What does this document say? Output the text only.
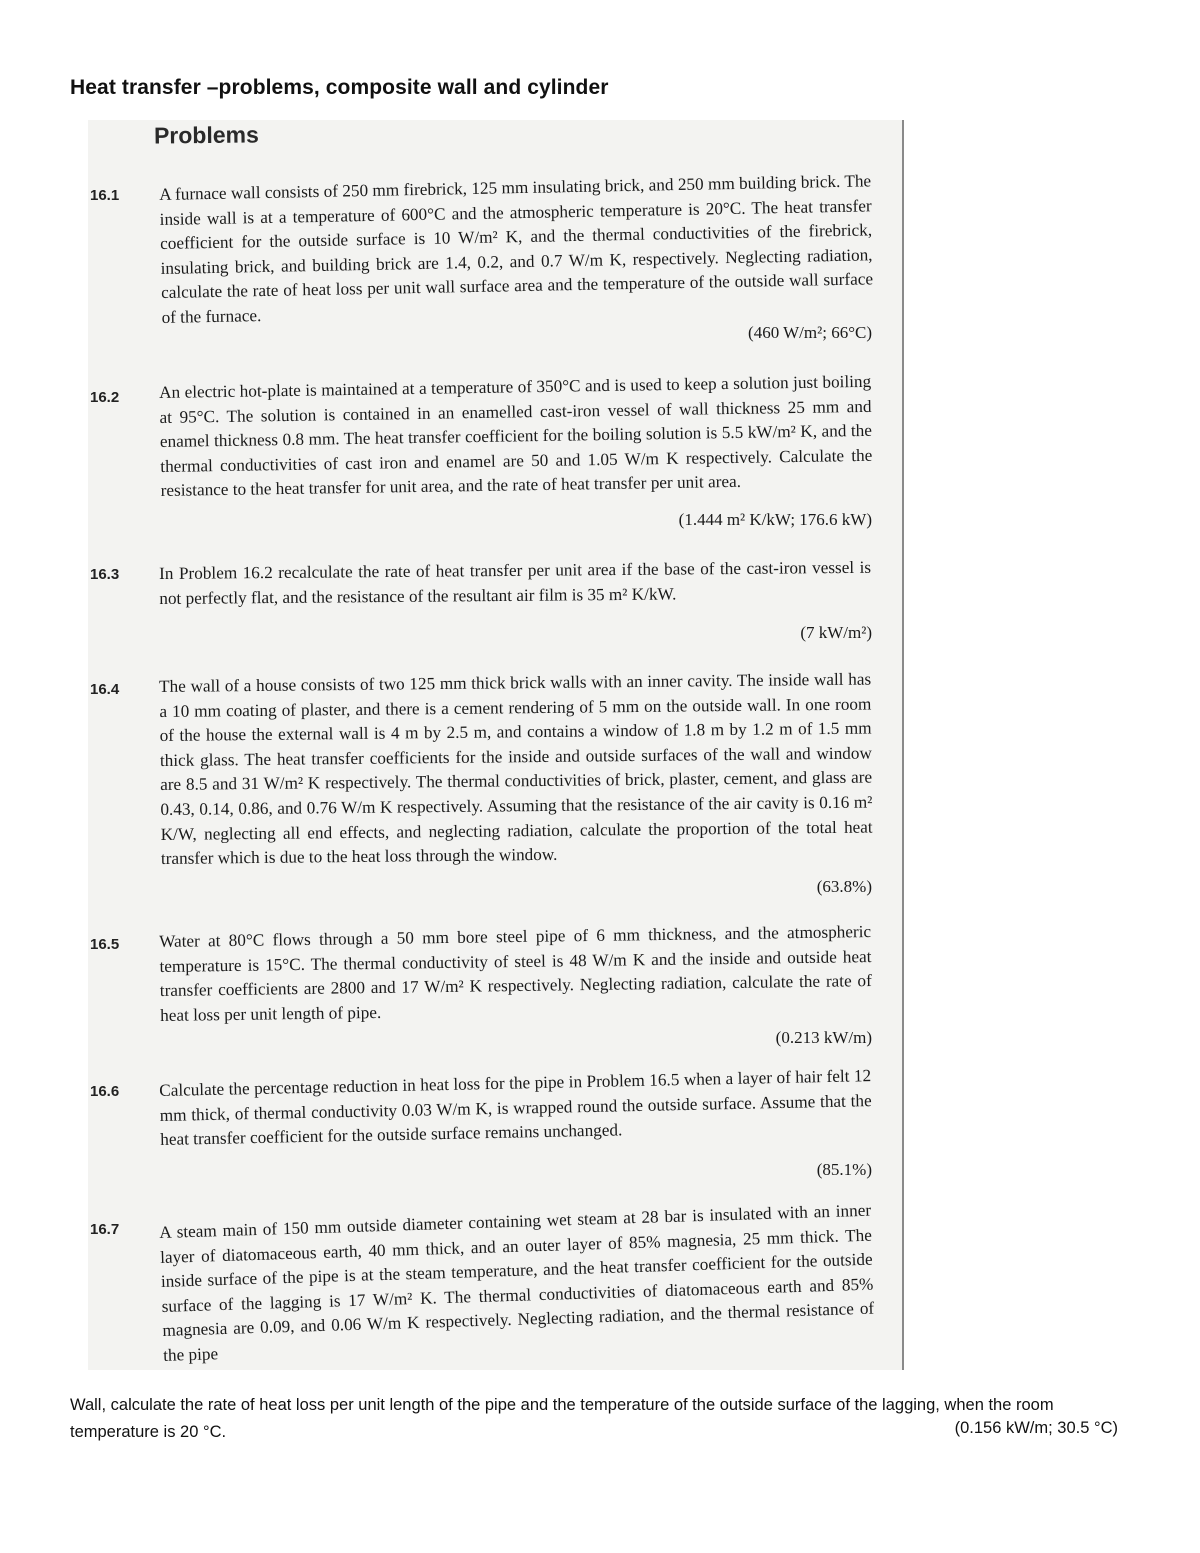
Heat transfer –problems, composite wall and cylinder
Problems
16.1 A furnace wall consists of 250 mm firebrick, 125 mm insulating brick, and 250 mm building brick. The inside wall is at a temperature of 600°C and the atmospheric temperature is 20°C. The heat transfer coefficient for the outside surface is 10 W/m² K, and the thermal conductivities of the firebrick, insulating brick, and building brick are 1.4, 0.2, and 0.7 W/m K, respectively. Neglecting radiation, calculate the rate of heat loss per unit wall surface area and the temperature of the outside wall surface of the furnace.
(460 W/m²; 66°C)
16.2 An electric hot-plate is maintained at a temperature of 350°C and is used to keep a solution just boiling at 95°C. The solution is contained in an enamelled cast-iron vessel of wall thickness 25 mm and enamel thickness 0.8 mm. The heat transfer coefficient for the boiling solution is 5.5 kW/m² K, and the thermal conductivities of cast iron and enamel are 50 and 1.05 W/m K respectively. Calculate the resistance to the heat transfer for unit area, and the rate of heat transfer per unit area.
(1.444 m² K/kW; 176.6 kW)
16.3 In Problem 16.2 recalculate the rate of heat transfer per unit area if the base of the cast-iron vessel is not perfectly flat, and the resistance of the resultant air film is 35 m² K/kW.
(7 kW/m²)
16.4 The wall of a house consists of two 125 mm thick brick walls with an inner cavity. The inside wall has a 10 mm coating of plaster, and there is a cement rendering of 5 mm on the outside wall. In one room of the house the external wall is 4 m by 2.5 m, and contains a window of 1.8 m by 1.2 m of 1.5 mm thick glass. The heat transfer coefficients for the inside and outside surfaces of the wall and window are 8.5 and 31 W/m² K respectively. The thermal conductivities of brick, plaster, cement, and glass are 0.43, 0.14, 0.86, and 0.76 W/m K respectively. Assuming that the resistance of the air cavity is 0.16 m² K/W, neglecting all end effects, and neglecting radiation, calculate the proportion of the total heat transfer which is due to the heat loss through the window.
(63.8%)
16.5 Water at 80°C flows through a 50 mm bore steel pipe of 6 mm thickness, and the atmospheric temperature is 15°C. The thermal conductivity of steel is 48 W/m K and the inside and outside heat transfer coefficients are 2800 and 17 W/m² K respectively. Neglecting radiation, calculate the rate of heat loss per unit length of pipe.
(0.213 kW/m)
16.6 Calculate the percentage reduction in heat loss for the pipe in Problem 16.5 when a layer of hair felt 12 mm thick, of thermal conductivity 0.03 W/m K, is wrapped round the outside surface. Assume that the heat transfer coefficient for the outside surface remains unchanged.
(85.1%)
16.7 A steam main of 150 mm outside diameter containing wet steam at 28 bar is insulated with an inner layer of diatomaceous earth, 40 mm thick, and an outer layer of 85% magnesia, 25 mm thick. The inside surface of the pipe is at the steam temperature, and the heat transfer coefficient for the outside surface of the lagging is 17 W/m² K. The thermal conductivities of diatomaceous earth and 85% magnesia are 0.09, and 0.06 W/m K respectively. Neglecting radiation, and the thermal resistance of the pipe
Wall, calculate the rate of heat loss per unit length of the pipe and the temperature of the outside surface of the lagging, when the room temperature is 20 °C.	(0.156 kW/m; 30.5 °C)
